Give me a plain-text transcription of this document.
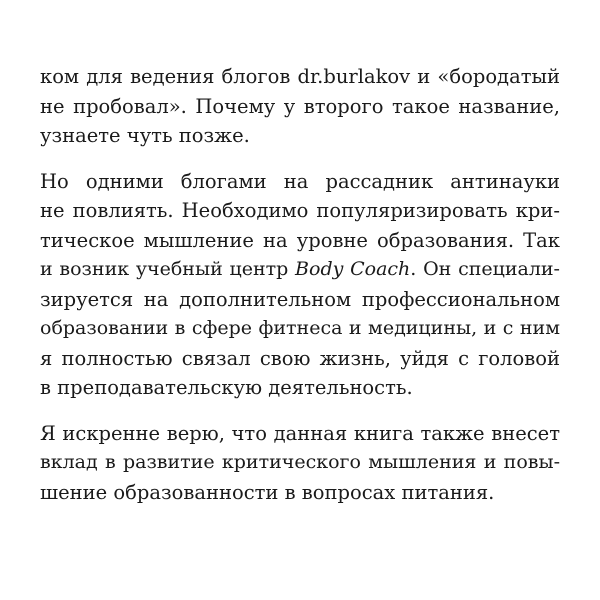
ком для ведения блогов dr.burlakov и «бородатый
не пробовал». Почему у второго такое название,
узнаете чуть позже.
Но одними блогами на рассадник антинауки
не повлиять. Необходимо популяризировать кри-
тическое мышление на уровне образования. Так
и возник учебный центр Body Coach. Он специали-
зируется на дополнительном профессиональном
образовании в сфере фитнеса и медицины, и с ним
я полностью связал свою жизнь, уйдя с головой
в преподавательскую деятельность.
Я искренне верю, что данная книга также внесет
вклад в развитие критического мышления и повы-
шение образованности в вопросах питания.
